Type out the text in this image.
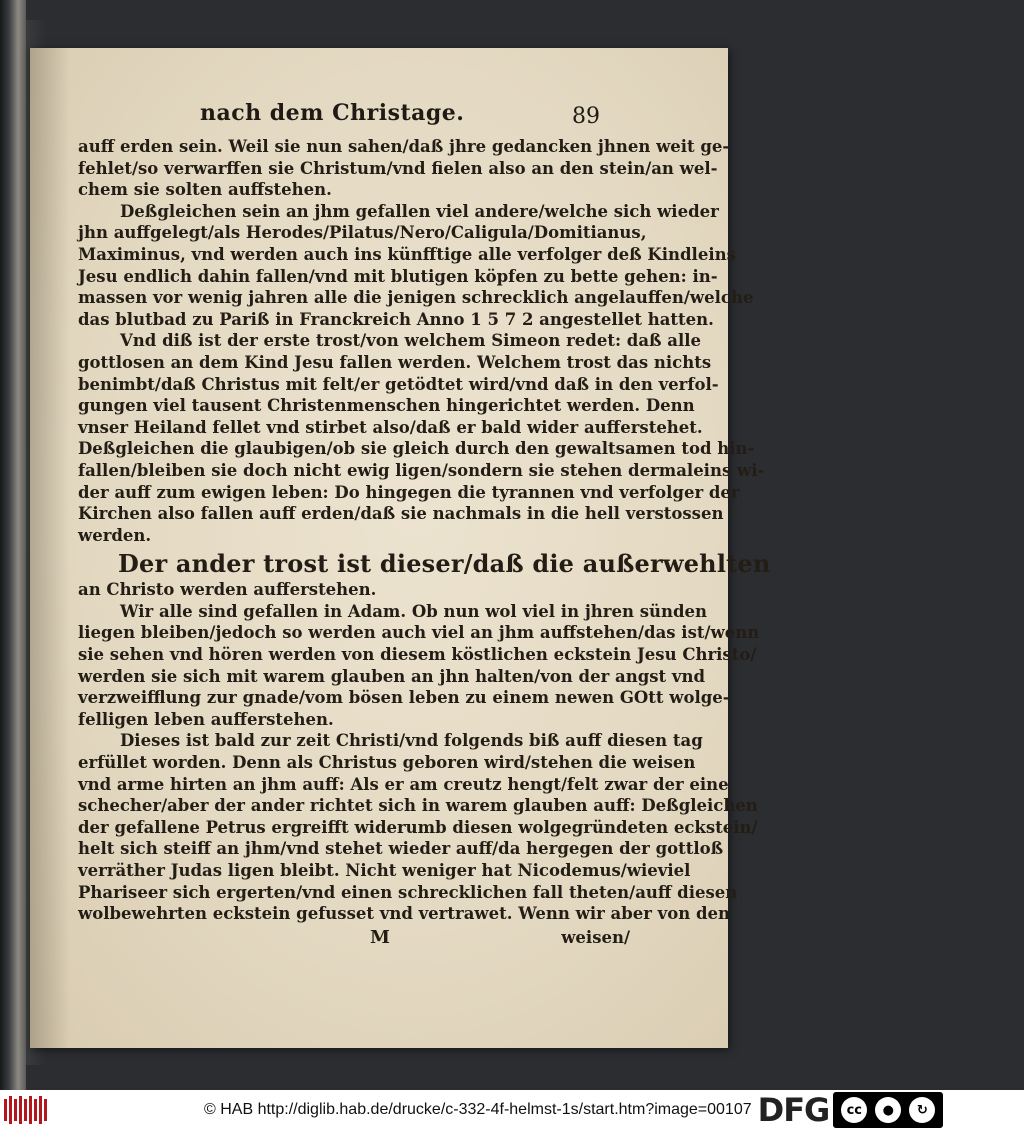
nach dem Christage.	89
auff erden sein. Weil sie nun sahen/daß jhre gedancken jhnen weit ge-
fehlet/so verwarffen sie Christum/vnd fielen also an den stein/an wel-
chem sie solten auffstehen.
Deßgleichen sein an jhm gefallen viel andere/welche sich wieder
jhn auffgelegt/als Herodes/Pilatus/Nero/Caligula/Domitianus,
Maximinus, vnd werden auch ins künfftige alle verfolger deß Kindleins
Jesu endlich dahin fallen/vnd mit blutigen köpfen zu bette gehen: in-
massen vor wenig jahren alle die jenigen schrecklich angelauffen/welche
das blutbad zu Pariß in Franckreich Anno 1 5 7 2 angestellet hatten.
Vnd diß ist der erste trost/von welchem Simeon redet: daß alle
gottlosen an dem Kind Jesu fallen werden. Welchem trost das nichts
benimbt/daß Christus mit felt/er getödtet wird/vnd daß in den verfol-
gungen viel tausent Christenmenschen hingerichtet werden. Denn
vnser Heiland fellet vnd stirbet also/daß er bald wider aufferstehet.
Deßgleichen die glaubigen/ob sie gleich durch den gewaltsamen tod hin-
fallen/bleiben sie doch nicht ewig ligen/sondern sie stehen dermaleins wi-
der auff zum ewigen leben: Do hingegen die tyrannen vnd verfolger der
Kirchen also fallen auff erden/daß sie nachmals in die hell verstossen
werden.
Der ander trost ist dieser/daß die außerwehlten
an Christo werden aufferstehen.
Wir alle sind gefallen in Adam. Ob nun wol viel in jhren sünden
liegen bleiben/jedoch so werden auch viel an jhm auffstehen/das ist/wenn
sie sehen vnd hören werden von diesem köstlichen eckstein Jesu Christo/
werden sie sich mit warem glauben an jhn halten/von der angst vnd
verzweifflung zur gnade/vom bösen leben zu einem newen GOtt wolge-
felligen leben aufferstehen.
Dieses ist bald zur zeit Christi/vnd folgends biß auff diesen tag
erfüllet worden. Denn als Christus geboren wird/stehen die weisen
vnd arme hirten an jhm auff: Als er am creutz hengt/felt zwar der eine
schecher/aber der ander richtet sich in warem glauben auff: Deßgleichen
der gefallene Petrus ergreifft widerumb diesen wolgegründeten eckstein/
helt sich steiff an jhm/vnd stehet wieder auff/da hergegen der gottloß
verräther Judas ligen bleibt. Nicht weniger hat Nicodemus/wieviel
Phariseer sich ergerten/vnd einen schrecklichen fall theten/auff diesen
wolbewehrten eckstein gefusset vnd vertrawet. Wenn wir aber von den
M	weisen/
© HAB http://diglib.hab.de/drucke/c-332-4f-helmst-1s/start.htm?image=00107 DFG	cc	●	↻
